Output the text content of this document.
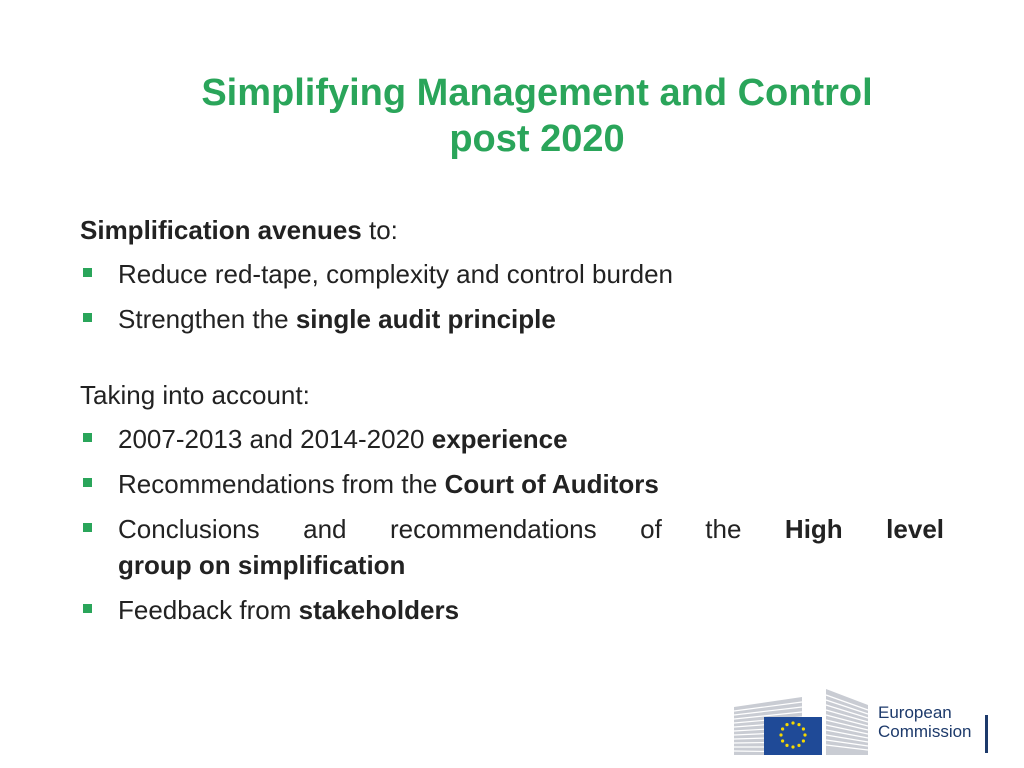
Simplifying Management and Control
post 2020

Simplification avenues to:

Reduce red-tape, complexity and control burden
Strengthen the single audit principle

Taking into account:

2007-2013 and 2014-2020 experience
Recommendations from the Court of Auditors
Conclusions and recommendations of the High level
group on simplification
Feedback from stakeholders
European
Commission
